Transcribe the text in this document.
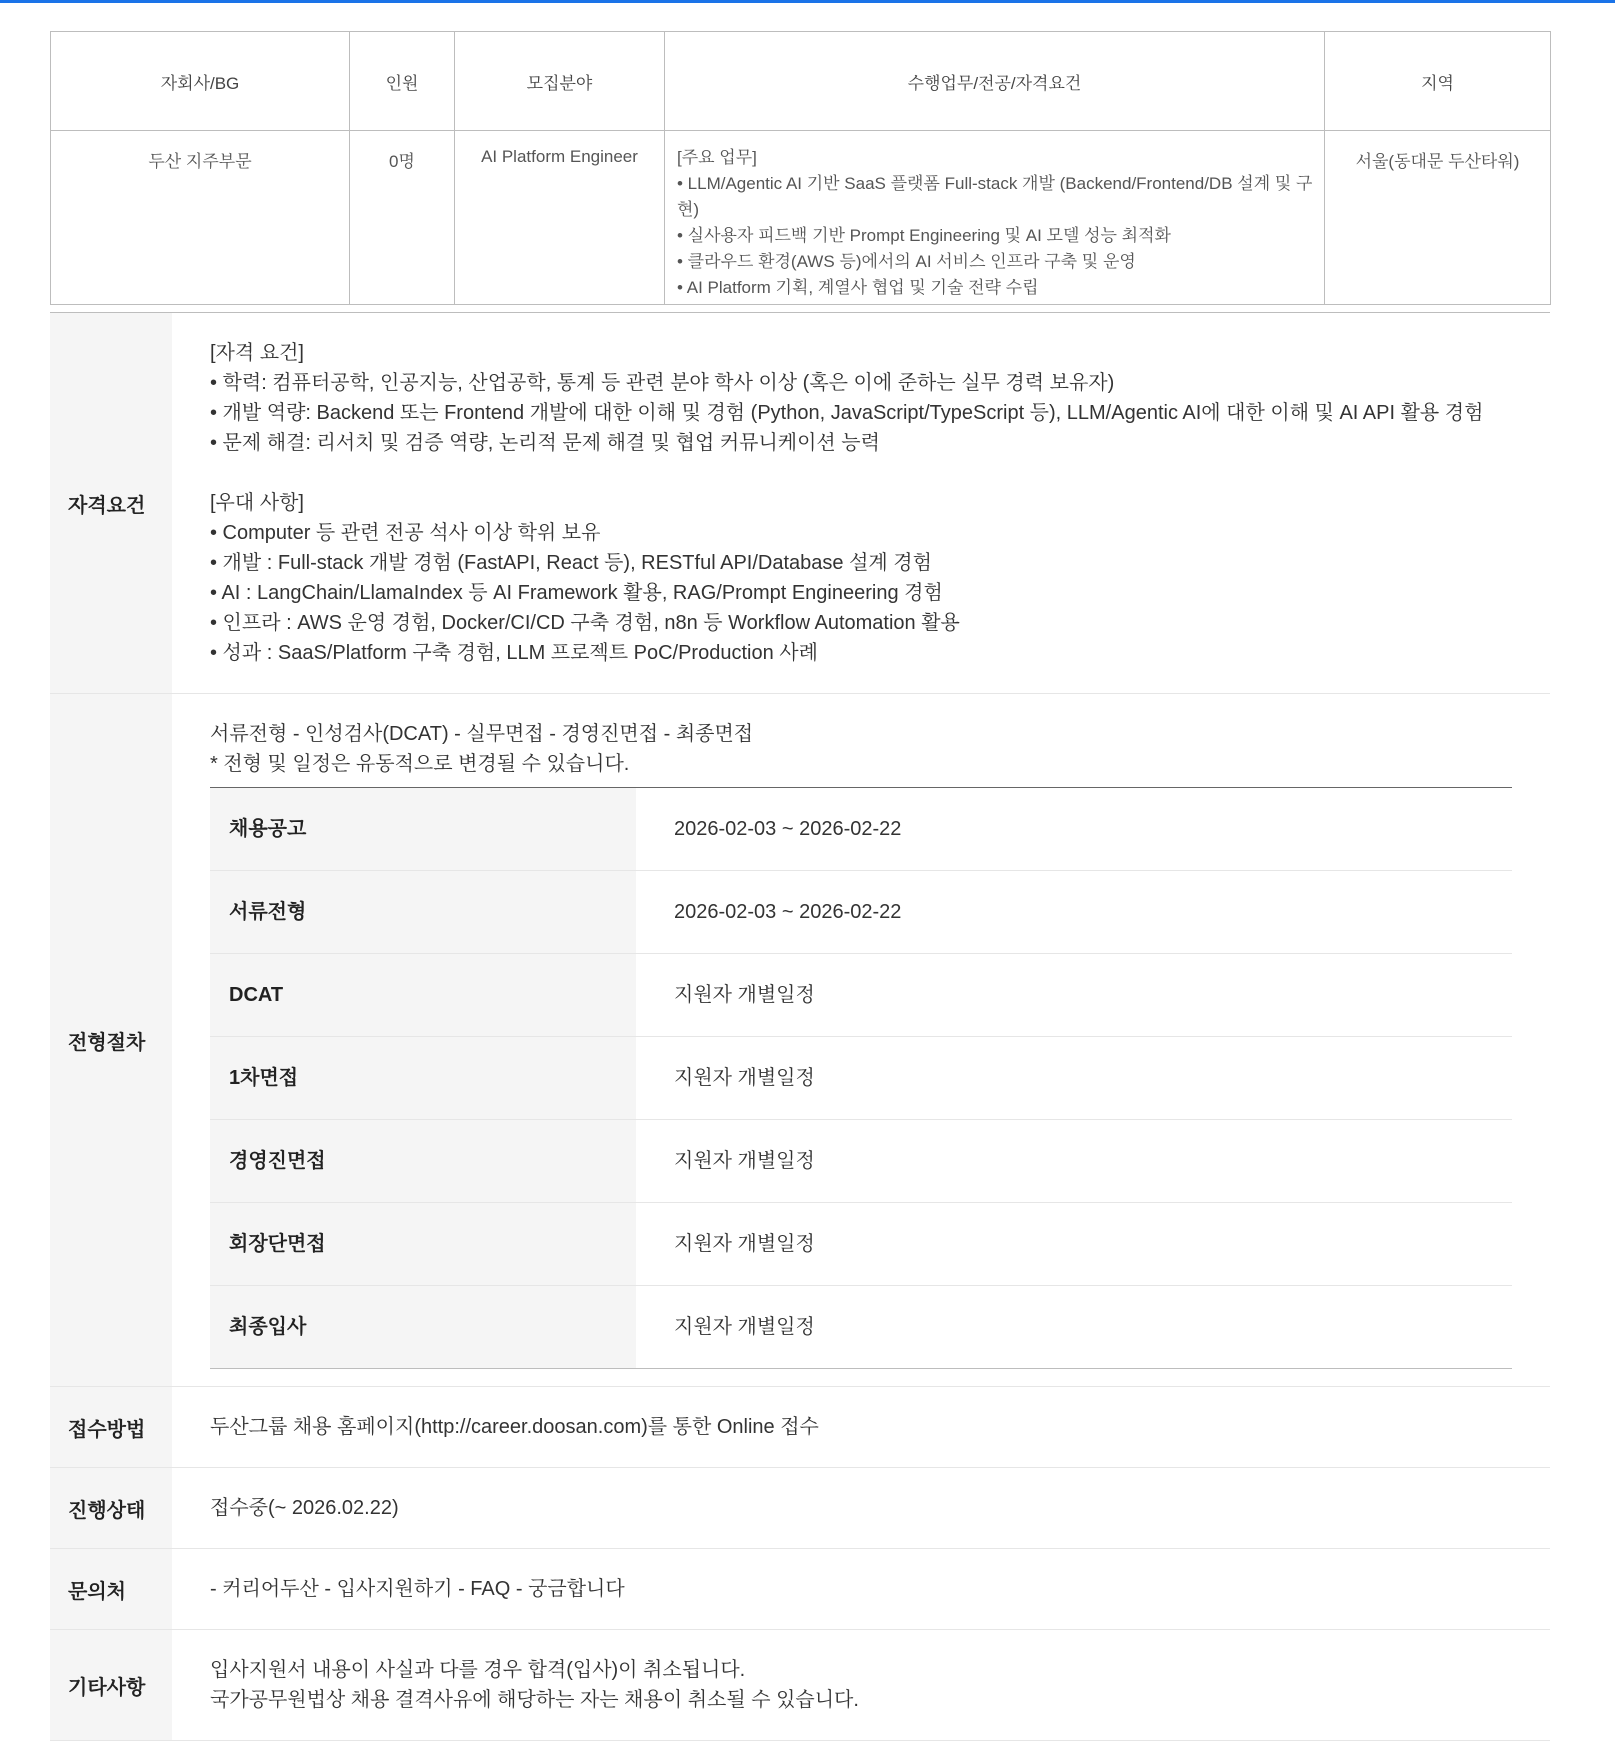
자회사/BG	인원	모집분야	수행업무/전공/자격요건	지역
두산 지주부문	0명	AI Platform Engineer	[주요 업무]
• LLM/Agentic AI 기반 SaaS 플랫폼 Full-stack 개발 (Backend/Frontend/DB 설계 및 구현)
• 실사용자 피드백 기반 Prompt Engineering 및 AI 모델 성능 최적화
• 클라우드 환경(AWS 등)에서의 AI 서비스 인프라 구축 및 운영
• AI Platform 기획, 계열사 협업 및 기술 전략 수립	서울(동대문 두산타워)
자격요건
[자격 요건]
• 학력: 컴퓨터공학, 인공지능, 산업공학, 통계 등 관련 분야 학사 이상 (혹은 이에 준하는 실무 경력 보유자)
• 개발 역량: Backend 또는 Frontend 개발에 대한 이해 및 경험 (Python, JavaScript/TypeScript 등), LLM/Agentic AI에 대한 이해 및 AI API 활용 경험
• 문제 해결: 리서치 및 검증 역량, 논리적 문제 해결 및 협업 커뮤니케이션 능력
[우대 사항]
• Computer 등 관련 전공 석사 이상 학위 보유
• 개발 : Full-stack 개발 경험 (FastAPI, React 등), RESTful API/Database 설계 경험
• AI : LangChain/LlamaIndex 등 AI Framework 활용, RAG/Prompt Engineering 경험
• 인프라 : AWS 운영 경험, Docker/CI/CD 구축 경험, n8n 등 Workflow Automation 활용
• 성과 : SaaS/Platform 구축 경험, LLM 프로젝트 PoC/Production 사례
전형절차
서류전형 - 인성검사(DCAT) - 실무면접 - 경영진면접 - 최종면접
* 전형 및 일정은 유동적으로 변경될 수 있습니다.
채용공고	2026-02-03 ~ 2026-02-22
서류전형	2026-02-03 ~ 2026-02-22
DCAT	지원자 개별일정
1차면접	지원자 개별일정
경영진면접	지원자 개별일정
회장단면접	지원자 개별일정
최종입사	지원자 개별일정
접수방법	두산그룹 채용 홈페이지(http://career.doosan.com)를 통한 Online 접수
진행상태	접수중(~ 2026.02.22)
문의처	- 커리어두산 - 입사지원하기 - FAQ - 궁금합니다
기타사항
입사지원서 내용이 사실과 다를 경우 합격(입사)이 취소됩니다.
국가공무원법상 채용 결격사유에 해당하는 자는 채용이 취소될 수 있습니다.
